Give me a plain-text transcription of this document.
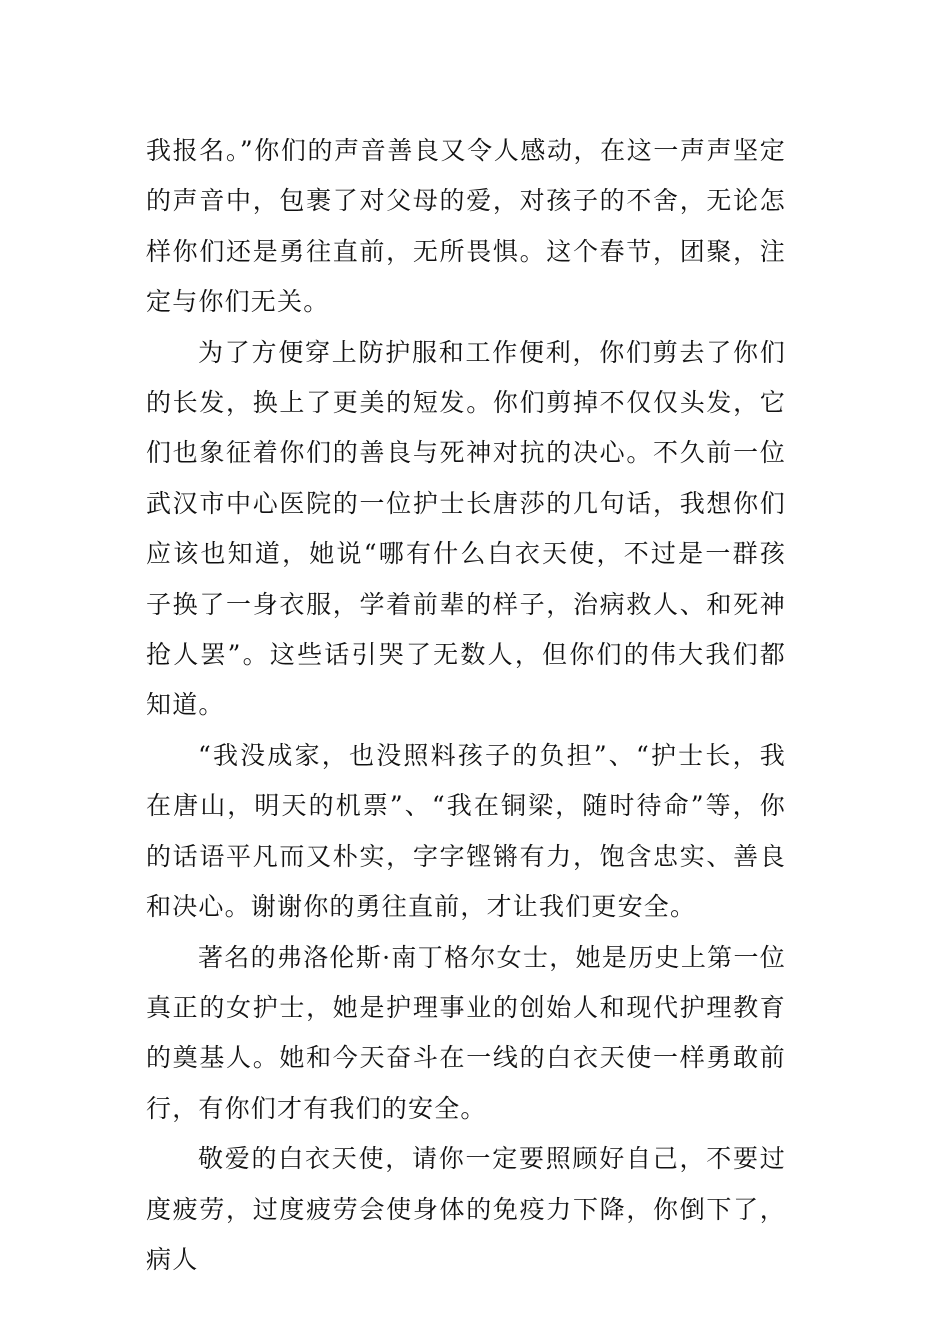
我报名。”你们的声音善良又令人感动，在这一声声坚定的声音中，包裹了对父母的爱，对孩子的不舍，无论怎样你们还是勇往直前，无所畏惧。这个春节，团聚，注定与你们无关。

为了方便穿上防护服和工作便利，你们剪去了你们的长发，换上了更美的短发。你们剪掉不仅仅头发，它们也象征着你们的善良与死神对抗的决心。不久前一位武汉市中心医院的一位护士长唐莎的几句话，我想你们应该也知道，她说“哪有什么白衣天使，不过是一群孩子换了一身衣服，学着前辈的样子，治病救人、和死神抢人罢”。这些话引哭了无数人，但你们的伟大我们都知道。

“我没成家，也没照料孩子的负担”、“护士长，我在唐山，明天的机票”、“我在铜梁，随时待命”等，你的话语平凡而又朴实，字字铿锵有力，饱含忠实、善良和决心。谢谢你的勇往直前，才让我们更安全。

著名的弗洛伦斯·南丁格尔女士，她是历史上第一位真正的女护士，她是护理事业的创始人和现代护理教育的奠基人。她和今天奋斗在一线的白衣天使一样勇敢前行，有你们才有我们的安全。

敬爱的白衣天使，请你一定要照顾好自己，不要过度疲劳，过度疲劳会使身体的免疫力下降，你倒下了，病人
